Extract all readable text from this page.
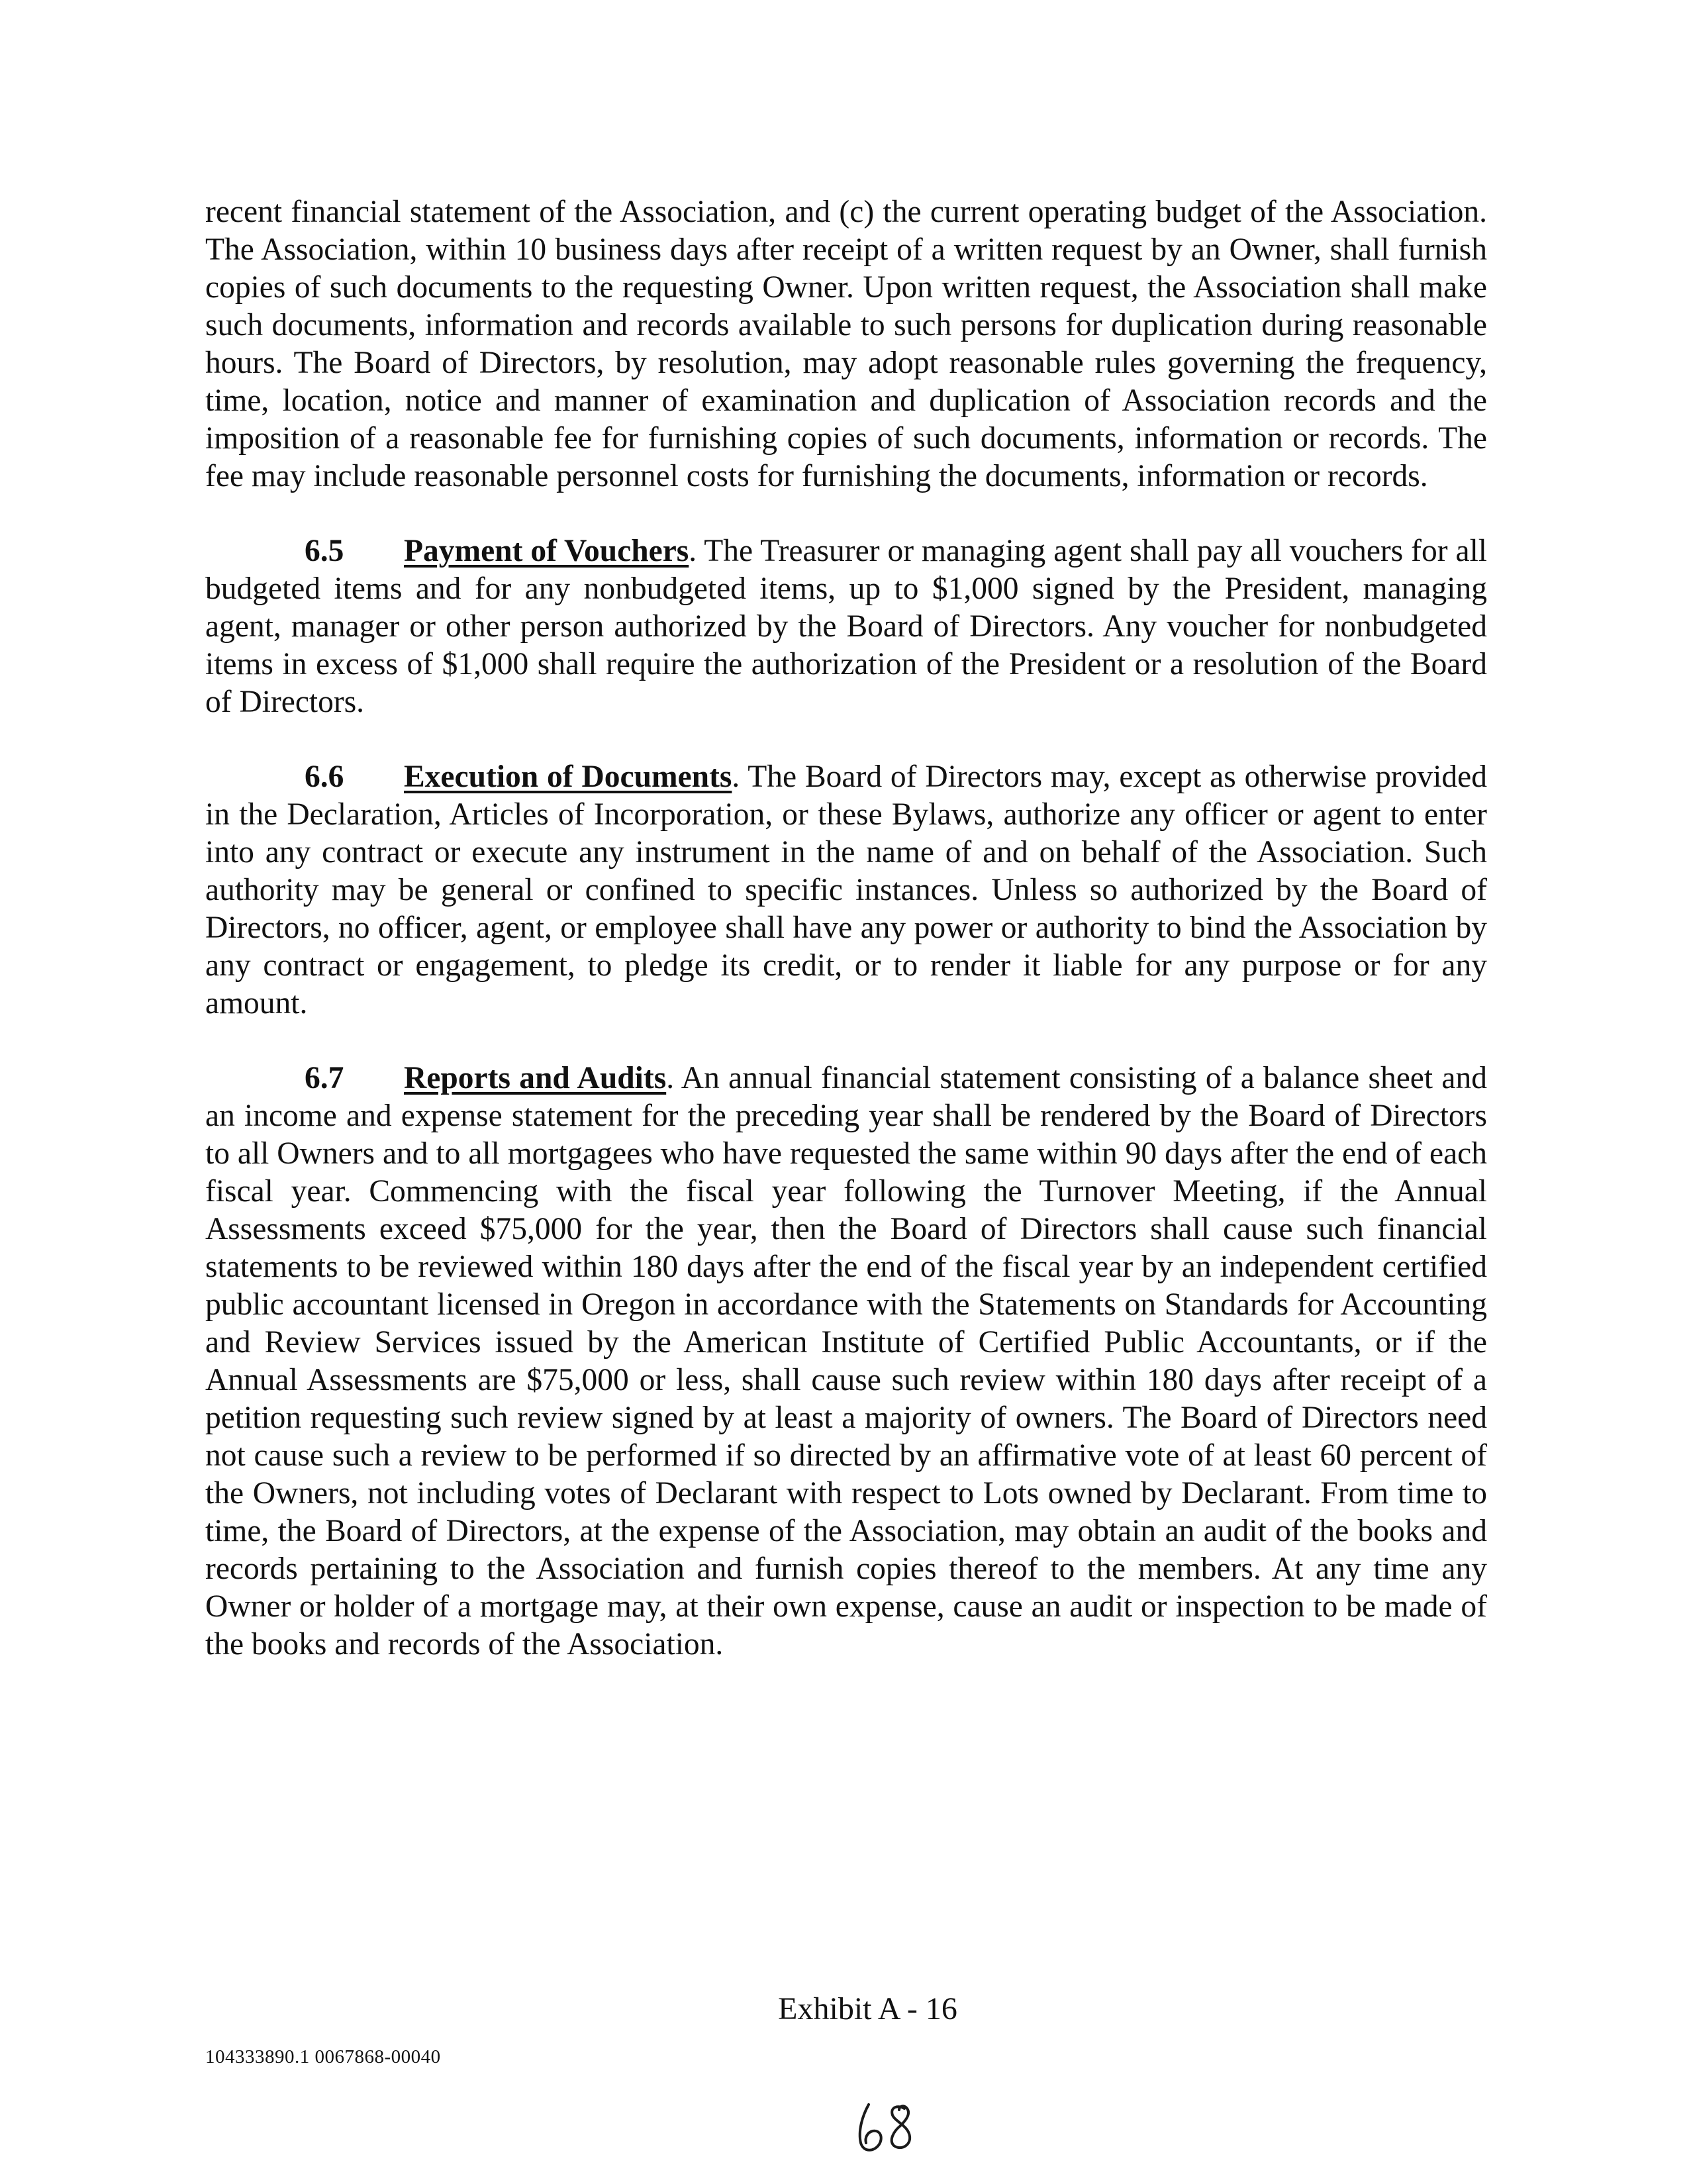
recent financial statement of the Association, and (c) the current operating budget of the Association. The Association, within 10 business days after receipt of a written request by an Owner, shall furnish copies of such documents to the requesting Owner. Upon written request, the Association shall make such documents, information and records available to such persons for duplication during reasonable hours. The Board of Directors, by resolution, may adopt reasonable rules governing the frequency, time, location, notice and manner of examination and duplication of Association records and the imposition of a reasonable fee for furnishing copies of such documents, information or records. The fee may include reasonable personnel costs for furnishing the documents, information or records.

6.5 Payment of Vouchers. The Treasurer or managing agent shall pay all vouchers for all budgeted items and for any nonbudgeted items, up to $1,000 signed by the President, managing agent, manager or other person authorized by the Board of Directors. Any voucher for nonbudgeted items in excess of $1,000 shall require the authorization of the President or a resolution of the Board of Directors.

6.6 Execution of Documents. The Board of Directors may, except as otherwise provided in the Declaration, Articles of Incorporation, or these Bylaws, authorize any officer or agent to enter into any contract or execute any instrument in the name of and on behalf of the Association. Such authority may be general or confined to specific instances. Unless so authorized by the Board of Directors, no officer, agent, or employee shall have any power or authority to bind the Association by any contract or engagement, to pledge its credit, or to render it liable for any purpose or for any amount.

6.7 Reports and Audits. An annual financial statement consisting of a balance sheet and an income and expense statement for the preceding year shall be rendered by the Board of Directors to all Owners and to all mortgagees who have requested the same within 90 days after the end of each fiscal year. Commencing with the fiscal year following the Turnover Meeting, if the Annual Assessments exceed $75,000 for the year, then the Board of Directors shall cause such financial statements to be reviewed within 180 days after the end of the fiscal year by an independent certified public accountant licensed in Oregon in accordance with the Statements on Standards for Accounting and Review Services issued by the American Institute of Certified Public Accountants, or if the Annual Assessments are $75,000 or less, shall cause such review within 180 days after receipt of a petition requesting such review signed by at least a majority of owners. The Board of Directors need not cause such a review to be performed if so directed by an affirmative vote of at least 60 percent of the Owners, not including votes of Declarant with respect to Lots owned by Declarant. From time to time, the Board of Directors, at the expense of the Association, may obtain an audit of the books and records pertaining to the Association and furnish copies thereof to the members. At any time any Owner or holder of a mortgage may, at their own expense, cause an audit or inspection to be made of the books and records of the Association.

Exhibit A - 16
104333890.1 0067868-00040
